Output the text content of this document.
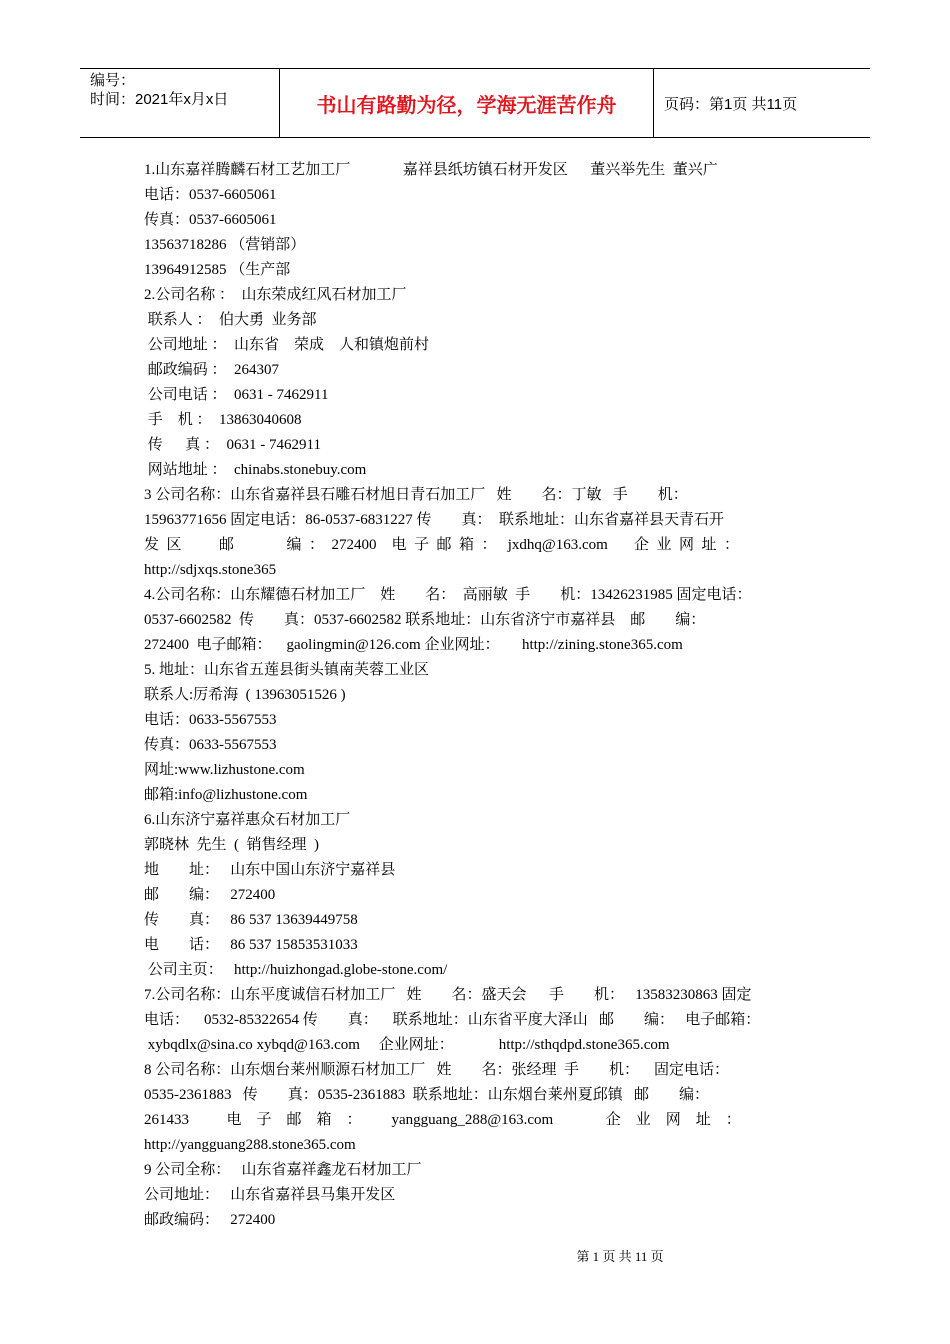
编号：
时间：2021年x月x日	书山有路勤为径，学海无涯苦作舟	页码：第1页 共11页
1.山东嘉祥腾麟石材工艺加工厂              嘉祥县纸坊镇石材开发区      董兴举先生  董兴广
电话：0537-6605061
传真：0537-6605061
13563718286 （营销部）
13964912585 （生产部
2.公司名称 ：  山东荣成红风石材加工厂
联系人 ：  伯大勇  业务部
公司地址 ：  山东省    荣成    人和镇炮前村
邮政编码 ：  264307
公司电话 ：  0631 - 7462911
手    机 ：  13863040608
传      真 ：  0631 - 7462911
网站地址 ：  chinabs.stonebuy.com
3 公司名称：山东省嘉祥县石雕石材旭日青石加工厂   姓        名：丁敏   手        机：
15963771656 固定电话：86-0537-6831227 传        真：  联系地址：山东省嘉祥县天青石开
发  区          邮              编  ：  272400    电  子  邮  箱  ：   jxdhq@163.com       企  业  网  址  ：
http://sdjxqs.stone365
4.公司名称：山东耀德石材加工厂    姓        名：  高丽敏  手        机：13426231985 固定电话：
0537-6602582  传        真：0537-6602582 联系地址：山东省济宁市嘉祥县    邮        编：
272400  电子邮箱：    gaolingmin@126.com 企业网址：      http://zining.stone365.com
5. 地址：山东省五莲县街头镇南芙蓉工业区
联系人:厉希海  ( 13963051526 )
电话：0633-5567553
传真：0633-5567553
网址:www.lizhustone.com
邮箱:info@lizhustone.com
6.山东济宁嘉祥惠众石材加工厂
郭晓林  先生  (  销售经理  )
地        址：   山东中国山东济宁嘉祥县
邮        编：   272400
传        真：   86 537 13639449758
电        话：   86 537 15853531033
公司主页：   http://huizhongad.globe-stone.com/
7.公司名称：山东平度诚信石材加工厂   姓        名：盛天会      手        机：   13583230863 固定
电话：    0532-85322654 传        真：    联系地址：山东省平度大泽山   邮        编：   电子邮箱：
xybqdlx@sina.co xybqd@163.com     企业网址：            http://sthqdpd.stone365.com
8 公司名称：山东烟台莱州顺源石材加工厂   姓        名：张经理  手        机：    固定电话：
0535-2361883   传        真：0535-2361883  联系地址：山东烟台莱州夏邱镇   邮        编：
261433          电    子    邮    箱    ：        yangguang_288@163.com              企    业    网    址    ：
http://yangguang288.stone365.com
9 公司全称：   山东省嘉祥鑫龙石材加工厂
公司地址：   山东省嘉祥县马集开发区
邮政编码：   272400
第 1 页 共 11 页
